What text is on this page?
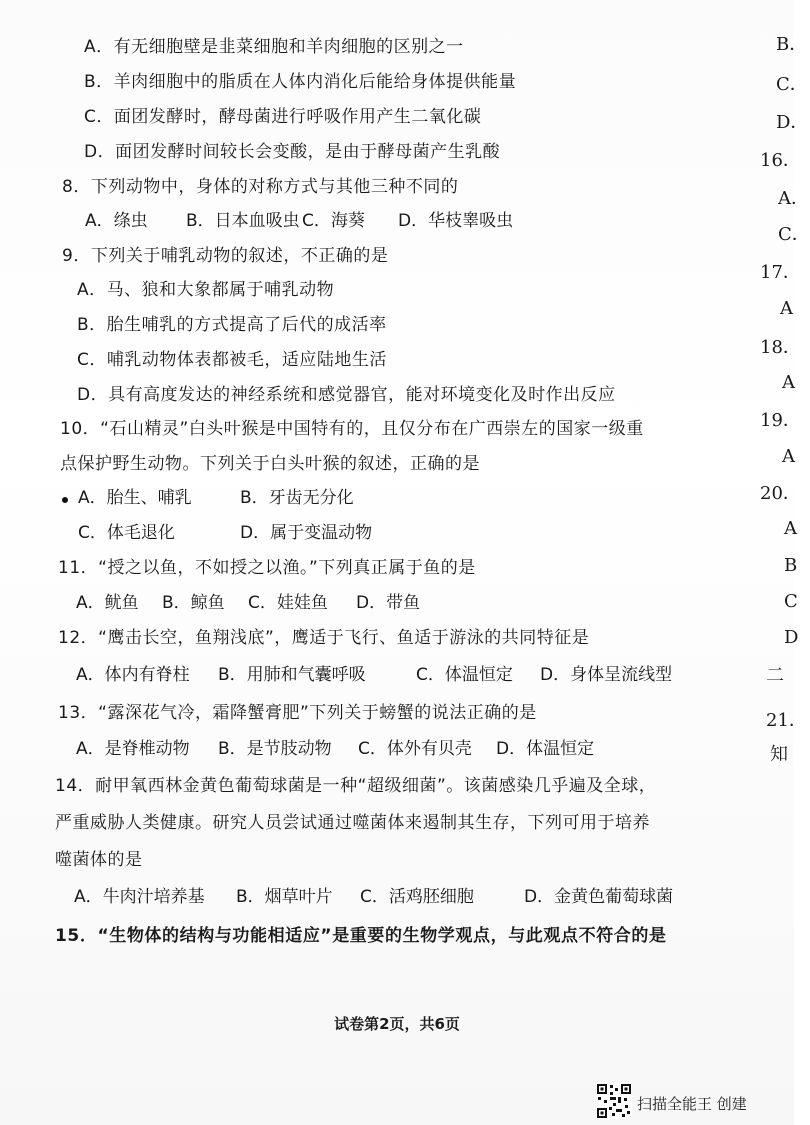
A．有无细胞壁是韭菜细胞和羊肉细胞的区别之一
B．羊肉细胞中的脂质在人体内消化后能给身体提供能量
C．面团发酵时，酵母菌进行呼吸作用产生二氧化碳
D．面团发酵时间较长会变酸，是由于酵母菌产生乳酸
8．下列动物中，身体的对称方式与其他三种不同的
A．绦虫 B．日本血吸虫 C．海葵 D．华枝睾吸虫
9．下列关于哺乳动物的叙述，不正确的是
A．马、狼和大象都属于哺乳动物
B．胎生哺乳的方式提高了后代的成活率
C．哺乳动物体表都被毛，适应陆地生活
D．具有高度发达的神经系统和感觉器官，能对环境变化及时作出反应
10．“石山精灵”白头叶猴是中国特有的，且仅分布在广西崇左的国家一级重
点保护野生动物。下列关于白头叶猴的叙述，正确的是
A．胎生、哺乳	B．牙齿无分化
C．体毛退化	D．属于变温动物
11．“授之以鱼，不如授之以渔。”下列真正属于鱼的是
A．鱿鱼 B．鲸鱼 C．娃娃鱼 D．带鱼
12．“鹰击长空，鱼翔浅底”，鹰适于飞行、鱼适于游泳的共同特征是
A．体内有脊柱 B．用肺和气囊呼吸	C．体温恒定 D．身体呈流线型
13．“露深花气冷，霜降蟹膏肥”下列关于螃蟹的说法正确的是
A．是脊椎动物 B．是节肢动物 C．体外有贝壳 D．体温恒定
14．耐甲氧西林金黄色葡萄球菌是一种“超级细菌”。该菌感染几乎遍及全球，
严重威胁人类健康。研究人员尝试通过噬菌体来遏制其生存，下列可用于培养
噬菌体的是
A．牛肉汁培养基 B．烟草叶片 C．活鸡胚细胞	D．金黄色葡萄球菌
15．“生物体的结构与功能相适应”是重要的生物学观点，与此观点不符合的是
B．
C．
D．
16．
A．
C．
17．
A
18．
A
19．
A
20．
A
B
C
D
二
21．
知
试卷第2页，共6页
扫描全能王 创建
